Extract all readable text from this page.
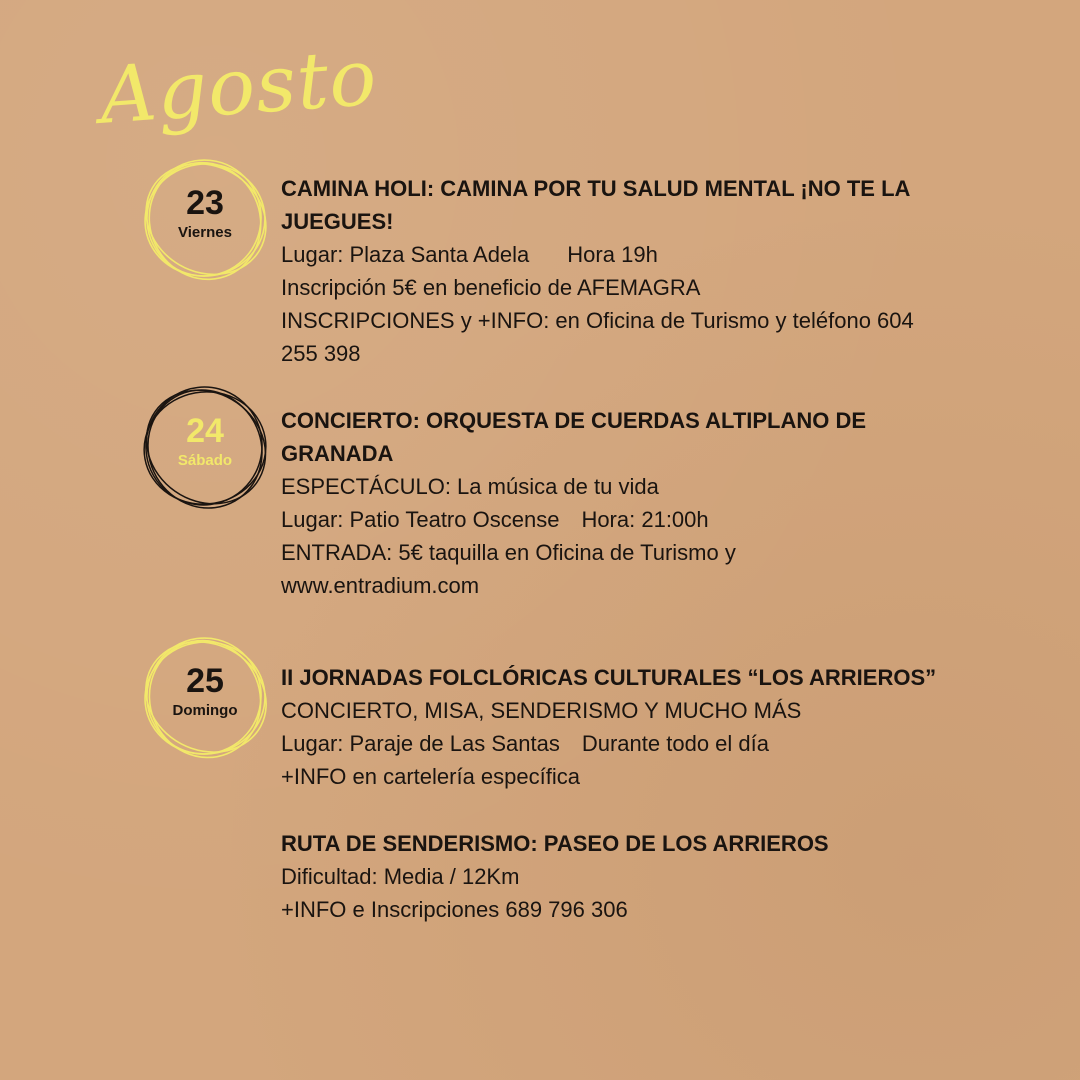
Agosto
23
Viernes
24
Sábado
25
Domingo

CAMINA HOLI: CAMINA POR TU SALUD MENTAL ¡NO TE LA

JUEGUES!

Lugar: Plaza Santa Adela Hora 19h

Inscripción 5€ en beneficio de AFEMAGRA

INSCRIPCIONES y +INFO: en Oficina de Turismo y teléfono 604

255 398

CONCIERTO: ORQUESTA DE CUERDAS ALTIPLANO DE

GRANADA

ESPECTÁCULO: La música de tu vida

Lugar: Patio Teatro Oscense Hora: 21:00h

ENTRADA: 5€ taquilla en Oficina de Turismo y

www.entradium.com

II JORNADAS FOLCLÓRICAS CULTURALES “LOS ARRIEROS”

CONCIERTO, MISA, SENDERISMO Y MUCHO MÁS

Lugar: Paraje de Las Santas Durante todo el día

+INFO en cartelería específica

RUTA DE SENDERISMO: PASEO DE LOS ARRIEROS

Dificultad: Media / 12Km

+INFO e Inscripciones 689 796 306
